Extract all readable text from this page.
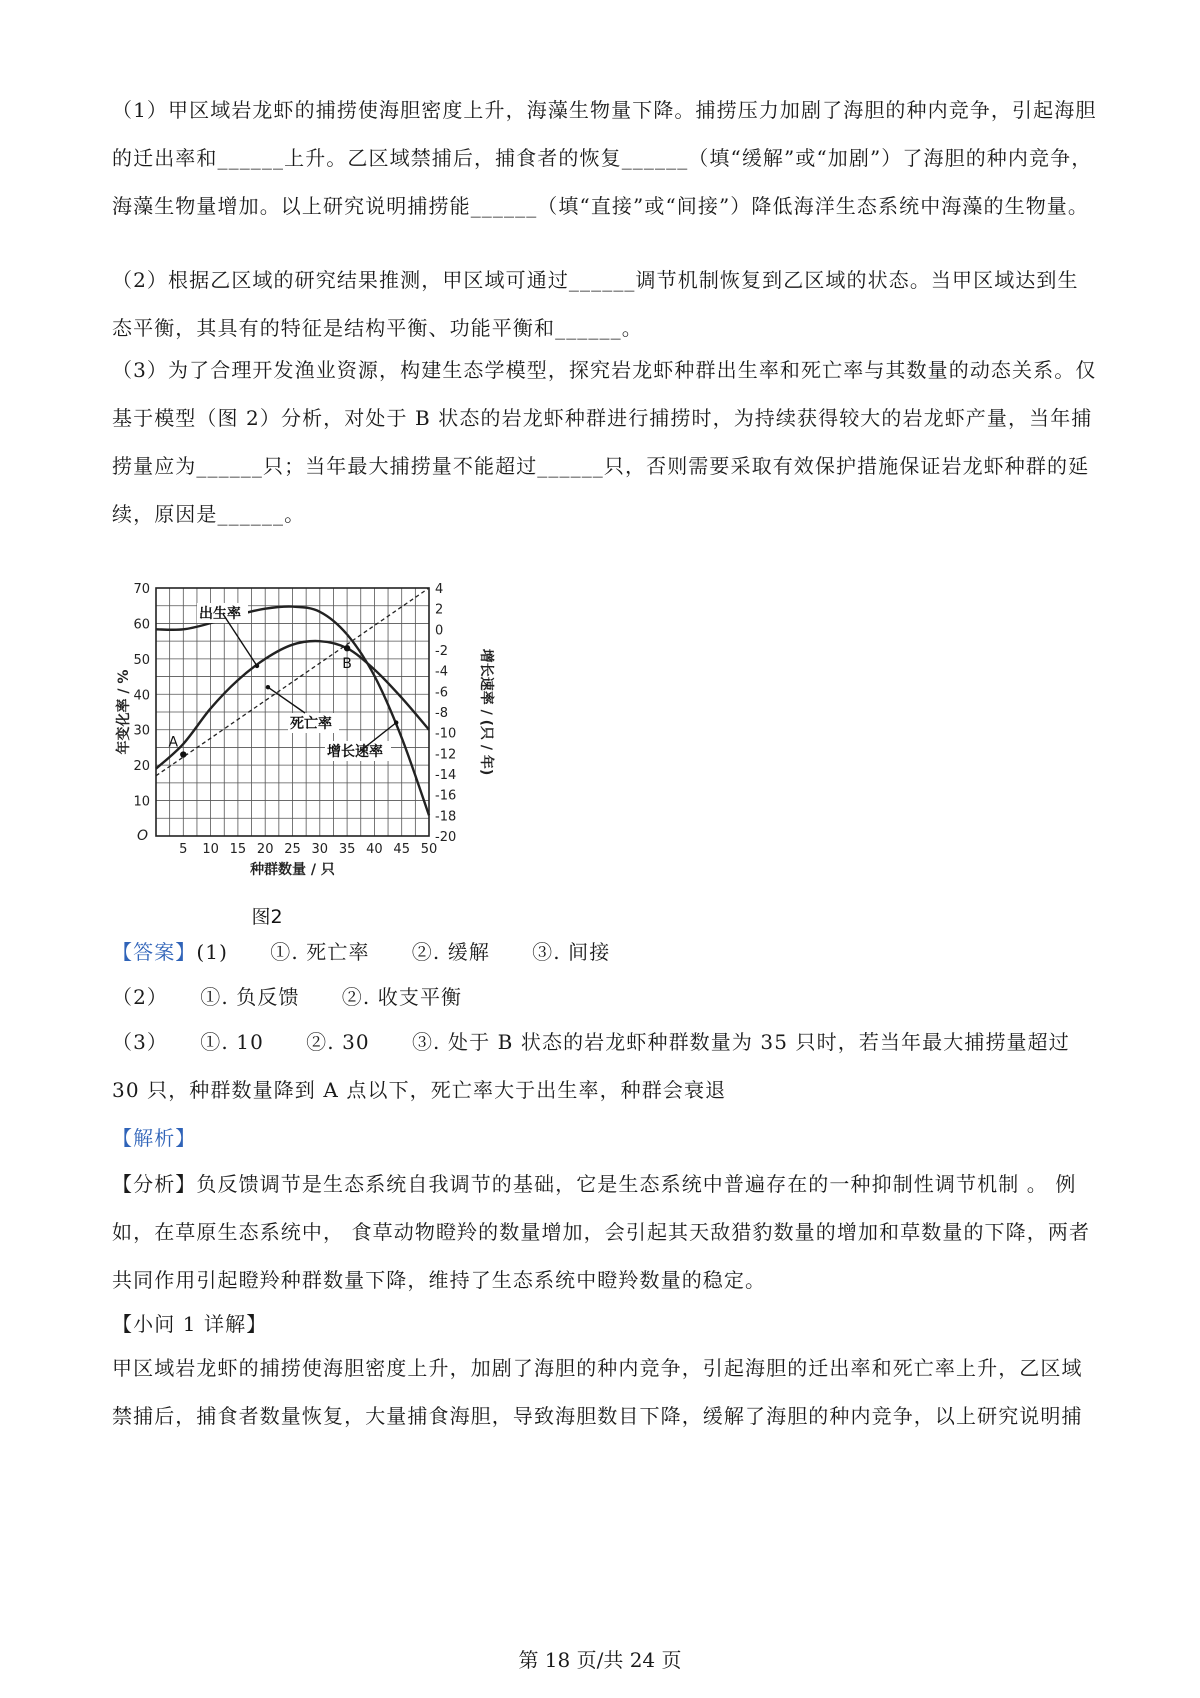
（1）甲区域岩龙虾的捕捞使海胆密度上升，海藻生物量下降。捕捞压力加剧了海胆的种内竞争，引起海胆的迁出率和______上升。乙区域禁捕后，捕食者的恢复______（填“缓解”或“加剧”）了海胆的种内竞争，海藻生物量增加。以上研究说明捕捞能______（填“直接”或“间接”）降低海洋生态系统中海藻的生物量。
（2）根据乙区域的研究结果推测，甲区域可通过______调节机制恢复到乙区域的状态。当甲区域达到生态平衡，其具有的特征是结构平衡、功能平衡和______。
（3）为了合理开发渔业资源，构建生态学模型，探究岩龙虾种群出生率和死亡率与其数量的动态关系。仅基于模型（图 2）分析，对处于 B 状态的岩龙虾种群进行捕捞时，为持续获得较大的岩龙虾产量，当年捕捞量应为______只；当年最大捕捞量不能超过______只，否则需要采取有效保护措施保证岩龙虾种群的延续，原因是______。
5 10 15 20 25 30 35 40 45 50
10
20
30
40
50
60
70	4
2
0
-2
-4
-6
-8
-10
-12
-14
-16
-18
-20
O
种群数量 / 只
年变化率 / %	增长速率 / (只 / 年)
A
B
出生率
死亡率
增长速率
图2
【答案】(1)　　①. 死亡率　　②. 缓解　　③. 间接
（2）　　①. 负反馈　　②. 收支平衡
（3）　　①. 10　　②. 30　　③. 处于 B 状态的岩龙虾种群数量为 35 只时，若当年最大捕捞量超过 30 只，种群数量降到 A 点以下，死亡率大于出生率，种群会衰退
【解析】
【分析】负反馈调节是生态系统自我调节的基础，它是生态系统中普遍存在的一种抑制性调节机制 。 例如，在草原生态系统中， 食草动物瞪羚的数量增加，会引起其天敌猎豹数量的增加和草数量的下降，两者共同作用引起瞪羚种群数量下降，维持了生态系统中瞪羚数量的稳定。
【小问 1 详解】
甲区域岩龙虾的捕捞使海胆密度上升，加剧了海胆的种内竞争，引起海胆的迁出率和死亡率上升，乙区域禁捕后，捕食者数量恢复，大量捕食海胆，导致海胆数目下降，缓解了海胆的种内竞争，以上研究说明捕
第 18 页/共 24 页
